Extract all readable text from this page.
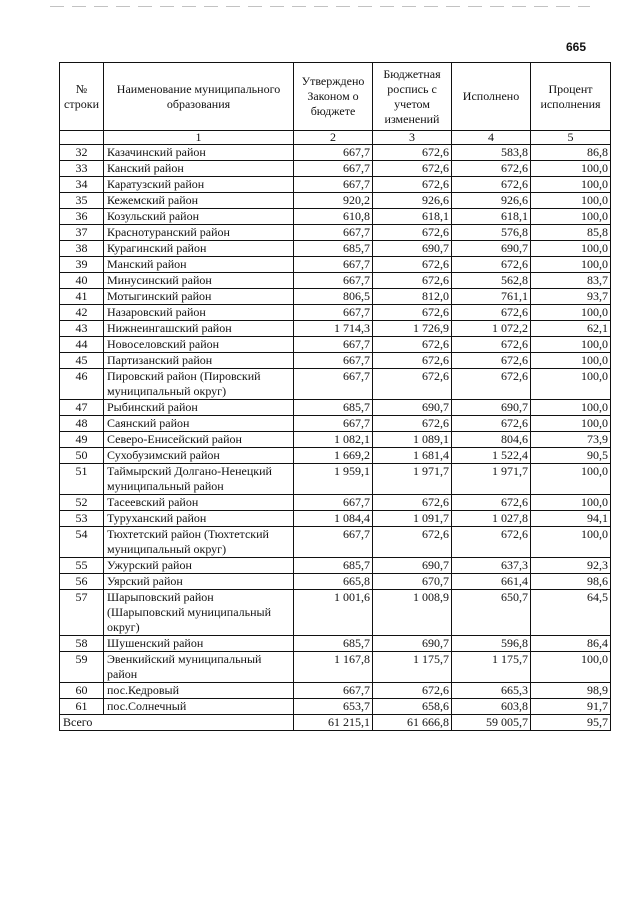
665
№ строки	Наименование муниципального образования	Утверждено Законом о бюджете	Бюджетная роспись с учетом изменений	Исполнено	Процент исполнения
	1	2	3	4	5
32	Казачинский район	667,7	672,6	583,8	86,8
33	Канский район	667,7	672,6	672,6	100,0
34	Каратузский район	667,7	672,6	672,6	100,0
35	Кежемский район	920,2	926,6	926,6	100,0
36	Козульский район	610,8	618,1	618,1	100,0
37	Краснотуранский район	667,7	672,6	576,8	85,8
38	Курагинский район	685,7	690,7	690,7	100,0
39	Манский район	667,7	672,6	672,6	100,0
40	Минусинский район	667,7	672,6	562,8	83,7
41	Мотыгинский район	806,5	812,0	761,1	93,7
42	Назаровский район	667,7	672,6	672,6	100,0
43	Нижнеингашский район	1 714,3	1 726,9	1 072,2	62,1
44	Новоселовский район	667,7	672,6	672,6	100,0
45	Партизанский район	667,7	672,6	672,6	100,0
46	Пировский район (Пировский муниципальный округ)	667,7	672,6	672,6	100,0
47	Рыбинский район	685,7	690,7	690,7	100,0
48	Саянский район	667,7	672,6	672,6	100,0
49	Северо-Енисейский район	1 082,1	1 089,1	804,6	73,9
50	Сухобузимский район	1 669,2	1 681,4	1 522,4	90,5
51	Таймырский Долгано-Ненецкий муниципальный район	1 959,1	1 971,7	1 971,7	100,0
52	Тасеевский район	667,7	672,6	672,6	100,0
53	Туруханский район	1 084,4	1 091,7	1 027,8	94,1
54	Тюхтетский район (Тюхтетский муниципальный округ)	667,7	672,6	672,6	100,0
55	Ужурский район	685,7	690,7	637,3	92,3
56	Уярский район	665,8	670,7	661,4	98,6
57	Шарыповский район (Шарыповский муниципальный округ)	1 001,6	1 008,9	650,7	64,5
58	Шушенский район	685,7	690,7	596,8	86,4
59	Эвенкийский муниципальный район	1 167,8	1 175,7	1 175,7	100,0
60	пос.Кедровый	667,7	672,6	665,3	98,9
61	пос.Солнечный	653,7	658,6	603,8	91,7
Всего		61 215,1	61 666,8	59 005,7	95,7
